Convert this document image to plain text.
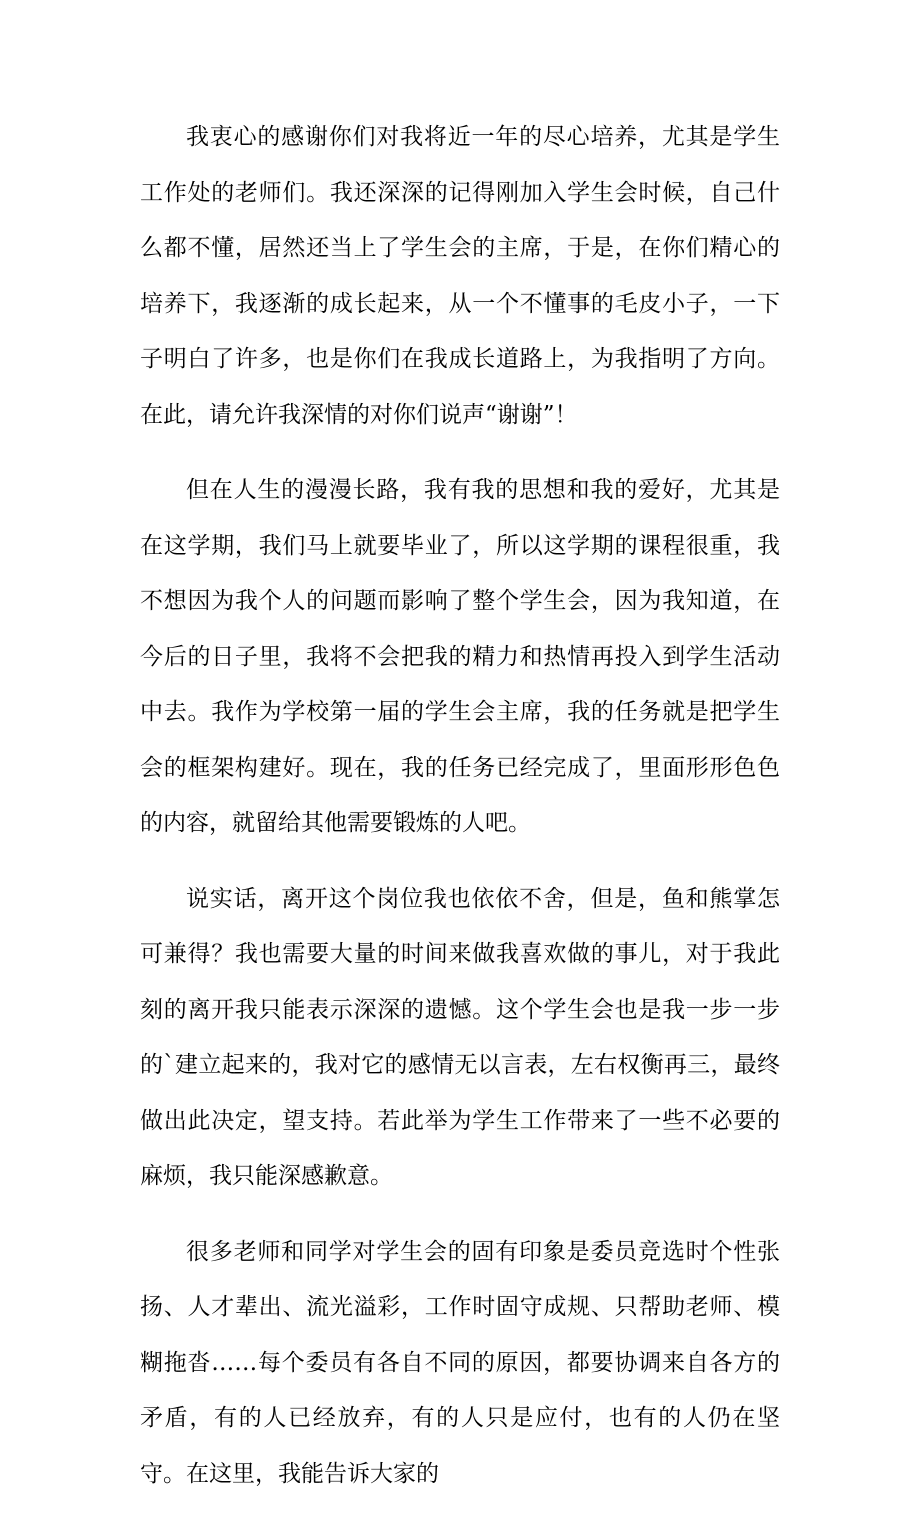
我衷心的感谢你们对我将近一年的尽心培养，尤其是学生工作处的老师们。我还深深的记得刚加入学生会时候，自己什么都不懂，居然还当上了学生会的主席，于是，在你们精心的培养下，我逐渐的成长起来，从一个不懂事的毛皮小子，一下子明白了许多，也是你们在我成长道路上，为我指明了方向。在此，请允许我深情的对你们说声“谢谢”！

但在人生的漫漫长路，我有我的思想和我的爱好，尤其是在这学期，我们马上就要毕业了，所以这学期的课程很重，我不想因为我个人的问题而影响了整个学生会，因为我知道，在今后的日子里，我将不会把我的精力和热情再投入到学生活动中去。我作为学校第一届的学生会主席，我的任务就是把学生会的框架构建好。现在，我的任务已经完成了，里面形形色色的内容，就留给其他需要锻炼的人吧。

说实话，离开这个岗位我也依依不舍，但是，鱼和熊掌怎可兼得？我也需要大量的时间来做我喜欢做的事儿，对于我此刻的离开我只能表示深深的遗憾。这个学生会也是我一步一步的`建立起来的，我对它的感情无以言表，左右权衡再三，最终做出此决定，望支持。若此举为学生工作带来了一些不必要的麻烦，我只能深感歉意。

很多老师和同学对学生会的固有印象是委员竞选时个性张扬、人才辈出、流光溢彩，工作时固守成规、只帮助老师、模糊拖沓……每个委员有各自不同的原因，都要协调来自各方的矛盾，有的人已经放弃，有的人只是应付，也有的人仍在坚守。在这里，我能告诉大家的
